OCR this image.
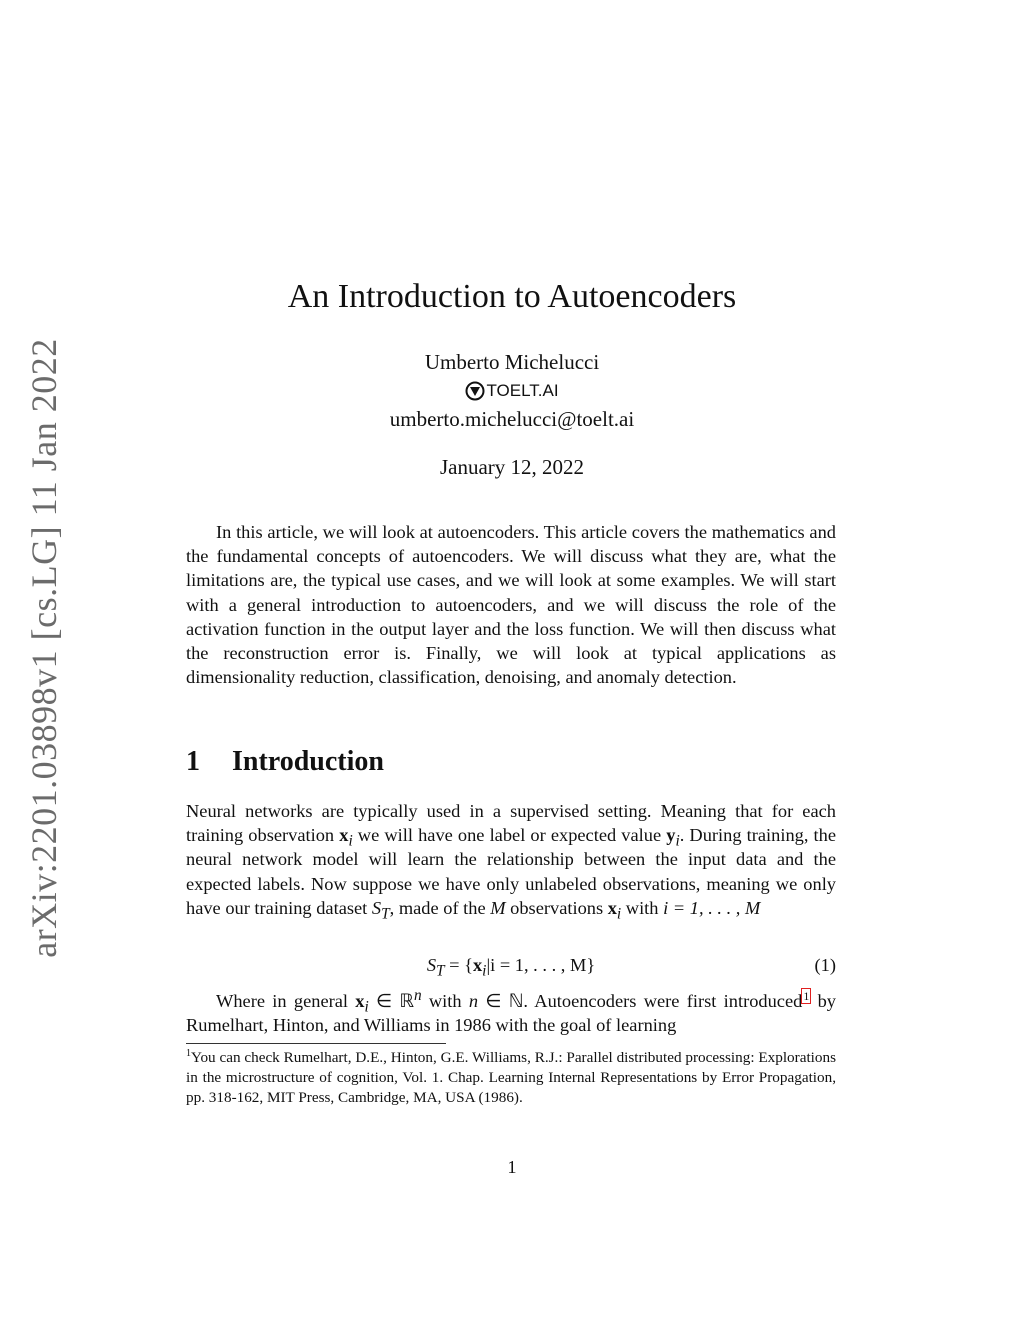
arXiv:2201.03898v1 [cs.LG] 11 Jan 2022
An Introduction to Autoencoders
Umberto Michelucci
TOELT.AI
umberto.michelucci@toelt.ai
January 12, 2022
In this article, we will look at autoencoders. This article covers the mathematics and the fundamental concepts of autoencoders. We will discuss what they are, what the limitations are, the typical use cases, and we will look at some examples. We will start with a general introduction to autoencoders, and we will discuss the role of the activation function in the output layer and the loss function. We will then discuss what the reconstruction error is. Finally, we will look at typical applications as dimensionality reduction, classification, denoising, and anomaly detection.
1 Introduction
Neural networks are typically used in a supervised setting. Meaning that for each training observation $x_i$ we will have one label or expected value $y_i$. During training, the neural network model will learn the relationship between the input data and the expected labels. Now suppose we have only unlabeled observations, meaning we only have our training dataset $S_T$, made of the M observations $x_i$ with i = 1, . . . , M
$S_T = \{x_i|i = 1$, . . . , M}	(1)
Where in general $x_i$ ∈ ℝ$^n$ with n ∈ ℕ. Autoencoders were first introduced$^1$ by Rumelhart, Hinton, and Williams in 1986 with the goal of learning
$^1$You can check Rumelhart, D.E., Hinton, G.E. Williams, R.J.: Parallel distributed processing: Explorations in the microstructure of cognition, Vol. 1. Chap. Learning Internal Representations by Error Propagation, pp. 318-162, MIT Press, Cambridge, MA, USA (1986).
1
